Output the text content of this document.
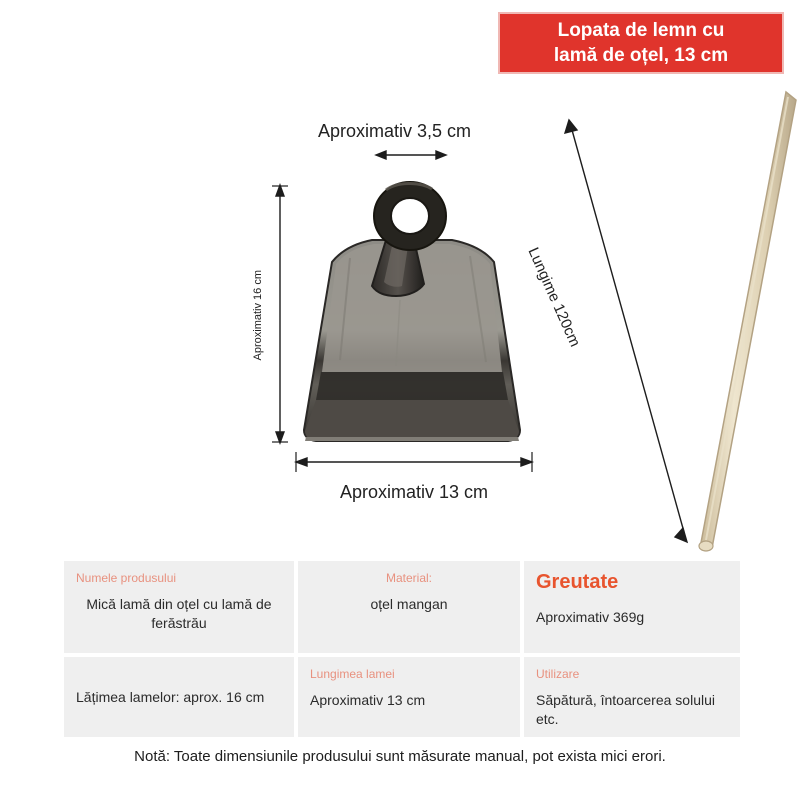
Lopata de lemn cu
lamă de oțel, 13 cm
Aproximativ 3,5 cm
Aproximativ 16 cm
Aproximativ 13 cm
Lungime 120cm
Numele produsului
Mică lamă din oțel cu lamă de ferăstrău
Material:
oțel mangan
Greutate
Aproximativ 369g
Lățimea lamelor: aprox. 16 cm
Lungimea lamei
Aproximativ 13 cm
Utilizare
Săpătură, întoarcerea solului etc.
Notă: Toate dimensiunile produsului sunt măsurate manual, pot exista mici erori.
